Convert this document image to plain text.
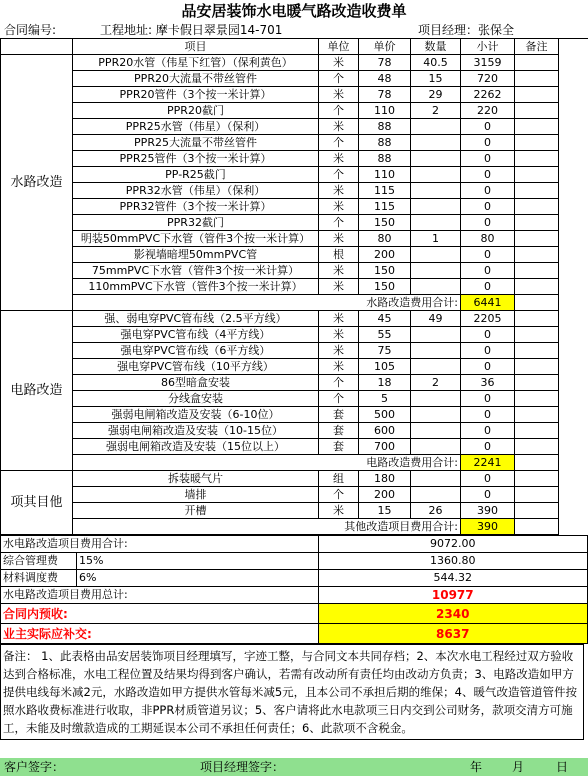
品安居装饰水电暖气路改造收费单
合同编号:	工程地址: 摩卡假日翠景园14-701	项目经理：张保全
	项目	单位	单价	数量	小计	备注
水路改造	PPR20水管（伟星下红管）（保利黄色）	米	78	40.5	3159	
	PPR20大流量不带丝管件	个	48	15	720	
	PPR20管件（3个按一米计算）	米	78	29	2262	
	PPR20截门	个	110	2	220	
	PPR25水管（伟星）（保利）	米	88		0	
	PPR25大流量不带丝管件	个	88		0	
	PPR25管件（3个按一米计算）	米	88		0	
	PP-R25截门	个	110		0	
	PPR32水管（伟星）（保利）	米	115		0	
	PPR32管件（3个按一米计算）	米	115		0	
	PPR32截门	个	150		0	
	明装50mmPVC下水管（管件3个按一米计算）	米	80	1	80	
	影视墙暗埋50mmPVC管	根	200		0	
	75mmPVC下水管（管件3个按一米计算）	米	150		0	
	110mmPVC下水管（管件3个按一米计算）	米	150		0	
	水路改造费用合计:				6441	
电路改造	强、弱电穿PVC管布线（2.5平方线）	米	45	49	2205	
	强电穿PVC管布线（4平方线）	米	55		0	
	强电穿PVC管布线（6平方线）	米	75		0	
	强电穿PVC管布线（10平方线）	米	105		0	
	86型暗盒安装	个	18	2	36	
	分线盒安装	个	5		0	
	强弱电闸箱改造及安装（6-10位）	套	500		0	
	强弱电闸箱改造及安装（10-15位）	套	600		0	
	强弱电闸箱改造及安装（15位以上）	套	700		0	
	电路改造费用合计:				2241	
项其目他	拆装暖气片	组	180		0	
	墙排	个	200		0	
	开槽	米	15	26	390	
	其他改造项目费用合计:				390	
水电路改造项目费用合计:		9072.00
综合管理费	15%	1360.80
材料调度费	6%	544.32
水电路改造项目费用总计:		10977
合同内预收:		2340
业主实际应补交:		8637
备注： 1、此表格由品安居装饰项目经理填写，字迹工整，与合同文本共同存档；2、本次水电工程经过双方验收达到合格标准，水电工程位置及结果均得到客户确认，若需有改动所有责任均由改动方负责；3、电路改造如甲方提供电线每米减2元，水路改造如甲方提供水管每米减5元，且本公司不承担后期的维保；4、暖气改造管道管件按照水路收费标准进行收取，非PPR材质管道另议；5、客户请将此水电款项三日内交到公司财务，款项交清方可施工，未能及时缴款造成的工期延误本公司不承担任何责任；6、此款项不含税金。
客户签字：	项目经理签字：	年 月	日
